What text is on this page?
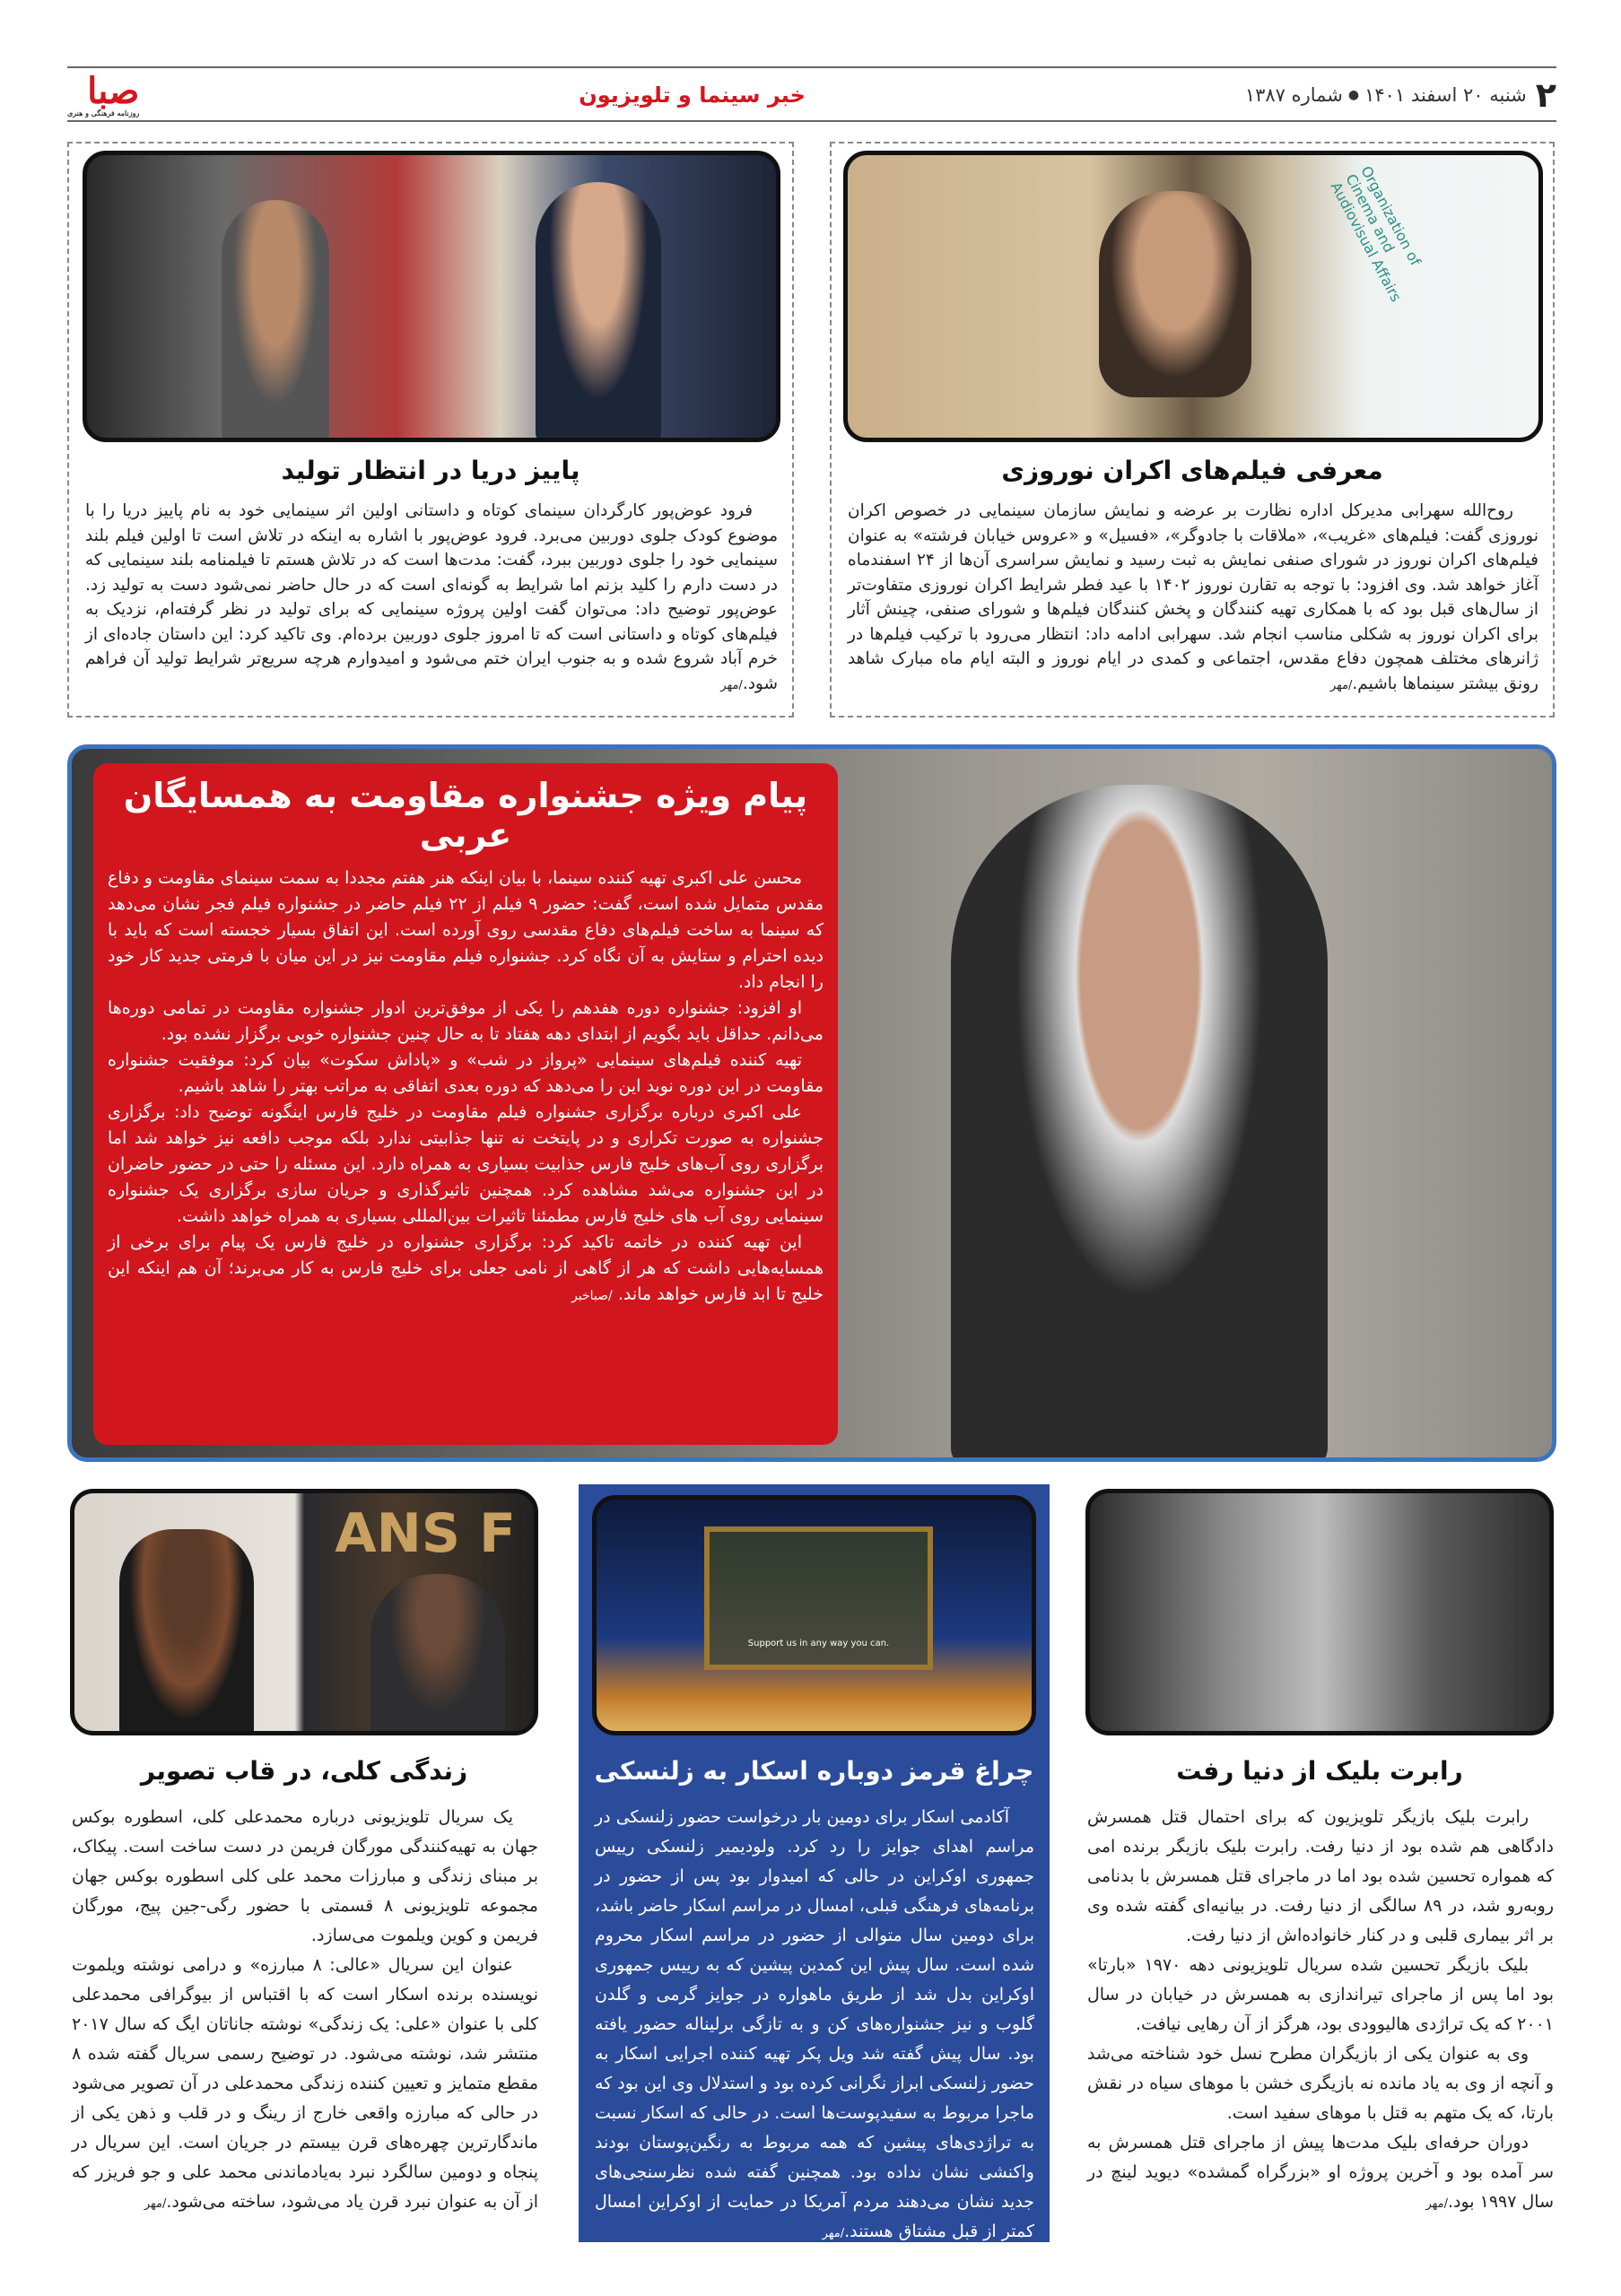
۲
شنبه ۲۰ اسفند ۱۴۰۱
●
شماره ۱۳۸۷
خبر سینما و تلویزیون
صبا
روزنامه فرهنگی و هنری
Organization of Cinema and Audiovisual Affairs
معرفی فیلم‌های اکران نوروزی

روح‌الله سهرابی مدیرکل اداره نظارت بر عرضه و نمایش سازمان سینمایی در خصوص اکران نوروزی گفت: فیلم‌های «غریب»، «ملاقات با جادوگر»، «فسیل» و «عروس خیابان فرشته» به عنوان فیلم‌های اکران نوروز در شورای صنفی نمایش به ثبت رسید و نمایش سراسری آن‌ها از ۲۴ اسفندماه آغاز خواهد شد. وی افزود: با توجه به تقارن نوروز ۱۴۰۲ با عید فطر شرایط اکران نوروزی متفاوت‌تر از سال‌های قبل بود که با همکاری تهیه کنندگان و پخش کنندگان فیلم‌ها و شورای صنفی، چینش آثار برای اکران نوروز به شکلی مناسب انجام شد. سهرابی ادامه داد: انتظار می‌رود با ترکیب فیلم‌ها در ژانرهای مختلف همچون دفاع مقدس، اجتماعی و کمدی در ایام نوروز و البته ایام ماه مبارک شاهد رونق بیشتر سینماها باشیم./مهر

پاییز دریا در انتظار تولید

فرود عوض‌پور کارگردان سینمای کوتاه و داستانی اولین اثر سینمایی خود به نام پاییز دریا را با موضوع کودک جلوی دوربین می‌برد. فرود عوض‌پور با اشاره به اینکه در تلاش است تا اولین فیلم بلند سینمایی خود را جلوی دوربین ببرد، گفت: مدت‌ها است که در تلاش هستم تا فیلمنامه بلند سینمایی که در دست دارم را کلید بزنم اما شرایط به گونه‌ای است که در حال حاضر نمی‌شود دست به تولید زد. عوض‌پور توضیح داد: می‌توان گفت اولین پروژه سینمایی که برای تولید در نظر گرفته‌ام، نزدیک به فیلم‌های کوتاه و داستانی است که تا امروز جلوی دوربین برده‌ام. وی تاکید کرد: این داستان جاده‌ای از خرم آباد شروع شده و به جنوب ایران ختم می‌شود و امیدوارم هرچه سریع‌تر شرایط تولید آن فراهم شود./مهر

پیام ویژه جشنواره مقاومت به همسایگان عربی

محسن علی اکبری تهیه کننده سینما، با بیان اینکه هنر هفتم مجددا به سمت سینمای مقاومت و دفاع مقدس متمایل شده است، گفت: حضور ۹ فیلم از ۲۲ فیلم حاضر در جشنواره فیلم فجر نشان می‌دهد که سینما به ساخت فیلم‌های دفاع مقدسی روی آورده است. این اتفاق بسیار خجسته است که باید با دیده احترام و ستایش به آن نگاه کرد. جشنواره فیلم مقاومت نیز در این میان با فرمتی جدید کار خود را انجام داد.

او افزود: جشنواره دوره هفدهم را یکی از موفق‌ترین ادوار جشنواره مقاومت در تمامی دوره‌ها می‌دانم. حداقل باید بگویم از ابتدای دهه هفتاد تا به حال چنین جشنواره خوبی برگزار نشده بود.

تهیه کننده فیلم‌های سینمایی «پرواز در شب» و «پاداش سکوت» بیان کرد: موفقیت جشنواره مقاومت در این دوره نوید این را می‌دهد که دوره بعدی اتفاقی به مراتب بهتر را شاهد باشیم.

علی اکبری درباره برگزاری جشنواره فیلم مقاومت در خلیج فارس اینگونه توضیح داد: برگزاری جشنواره به صورت تکراری و در پایتخت نه تنها جذابیتی ندارد بلکه موجب دافعه نیز خواهد شد اما برگزاری روی آب‌های خلیج فارس جذابیت بسیاری به همراه دارد. این مسئله را حتی در حضور حاضران در این جشنواره می‌شد مشاهده کرد. همچنین تاثیرگذاری و جریان سازی برگزاری یک جشنواره سینمایی روی آب های خلیج فارس مطمئنا تاثیرات بین‌المللی بسیاری به همراه خواهد داشت.

این تهیه کننده در خاتمه تاکید کرد: برگزاری جشنواره در خلیج فارس یک پیام برای برخی از همسایه‌هایی داشت که هر از گاهی از نامی جعلی برای خلیج فارس به کار می‌برند؛ آن هم اینکه این خلیج تا ابد فارس خواهد ماند. /صباخبر

رابرت بلیک از دنیا رفت

رابرت بلیک بازیگر تلویزیون که برای احتمال قتل همسرش دادگاهی هم شده بود از دنیا رفت. رابرت بلیک بازیگر برنده امی که همواره تحسین شده بود اما در ماجرای قتل همسرش با بدنامی روبه‌رو شد، در ۸۹ سالگی از دنیا رفت. در بیانیه‌ای گفته شده وی بر اثر بیماری قلبی و در کنار خانواده‌اش از دنیا رفت.

بلیک بازیگر تحسین شده سریال تلویزیونی دهه ۱۹۷۰ «بارتا» بود اما پس از ماجرای تیراندازی به همسرش در خیابان در سال ۲۰۰۱ که یک تراژدی هالیوودی بود، هرگز از آن رهایی نیافت.

وی به عنوان یکی از بازیگران مطرح نسل خود شناخته می‌شد و آنچه از وی به یاد مانده نه بازیگری خشن با موهای سیاه در نقش بارتا، که یک متهم به قتل با موهای سفید است.

دوران حرفه‌ای بلیک مدت‌ها پیش از ماجرای قتل همسرش به سر آمده بود و آخرین پروژه او «بزرگراه گمشده» دیوید لینچ در سال ۱۹۹۷ بود./مهر

Support us in any way you can.
چراغ قرمز دوباره اسکار به زلنسکی

آکادمی اسکار برای دومین بار درخواست حضور زلنسکی در مراسم اهدای جوایز را رد کرد. ولودیمیر زلنسکی رییس جمهوری اوکراین در حالی که امیدوار بود پس از حضور در برنامه‌های فرهنگی قبلی، امسال در مراسم اسکار حاضر باشد، برای دومین سال متوالی از حضور در مراسم اسکار محروم شده است. سال پیش این کمدین پیشین که به رییس جمهوری اوکراین بدل شد از طریق ماهواره در جوایز گرمی و گلدن گلوب و نیز جشنواره‌های کن و به تازگی برلیناله حضور یافته بود. سال پیش گفته شد ویل پکر تهیه کننده اجرایی اسکار به حضور زلنسکی ابراز نگرانی کرده بود و استدلال وی این بود که ماجرا مربوط به سفیدپوست‌ها است. در حالی که اسکار نسبت به تراژدی‌های پیشین که همه مربوط به رنگین‌پوستان بودند واکنشی نشان نداده بود. همچنین گفته شده نظرسنجی‌های جدید نشان می‌دهند مردم آمریکا در حمایت از اوکراین امسال کمتر از قبل مشتاق هستند./مهر

ANS F
زندگی کلی، در قاب تصویر

یک سریال تلویزیونی درباره محمدعلی کلی، اسطوره بوکس جهان به تهیه‌کنندگی مورگان فریمن در دست ساخت است. پیکاک، بر مبنای زندگی و مبارزات محمد علی کلی اسطوره بوکس جهان مجموعه تلویزیونی ۸ قسمتی با حضور رگی-جین پیج، مورگان فریمن و کوین ویلموت می‌سازد.

عنوان این سریال «عالی: ۸ مبارزه» و درامی نوشته ویلموت نویسنده برنده اسکار است که با اقتباس از بیوگرافی محمدعلی کلی با عنوان «علی: یک زندگی» نوشته جاناتان ایگ که سال ۲۰۱۷ منتشر شد، نوشته می‌شود. در توضیح رسمی سریال گفته شده ۸ مقطع متمایز و تعیین کننده زندگی محمدعلی در آن تصویر می‌شود در حالی که مبارزه واقعی خارج از رینگ و در قلب و ذهن یکی از ماندگارترین چهره‌های قرن بیستم در جریان است. این سریال در پنجاه و دومین سالگرد نبرد به‌یادماندنی محمد علی و جو فریزر که از آن به عنوان نبرد قرن یاد می‌شود، ساخته می‌شود./مهر
